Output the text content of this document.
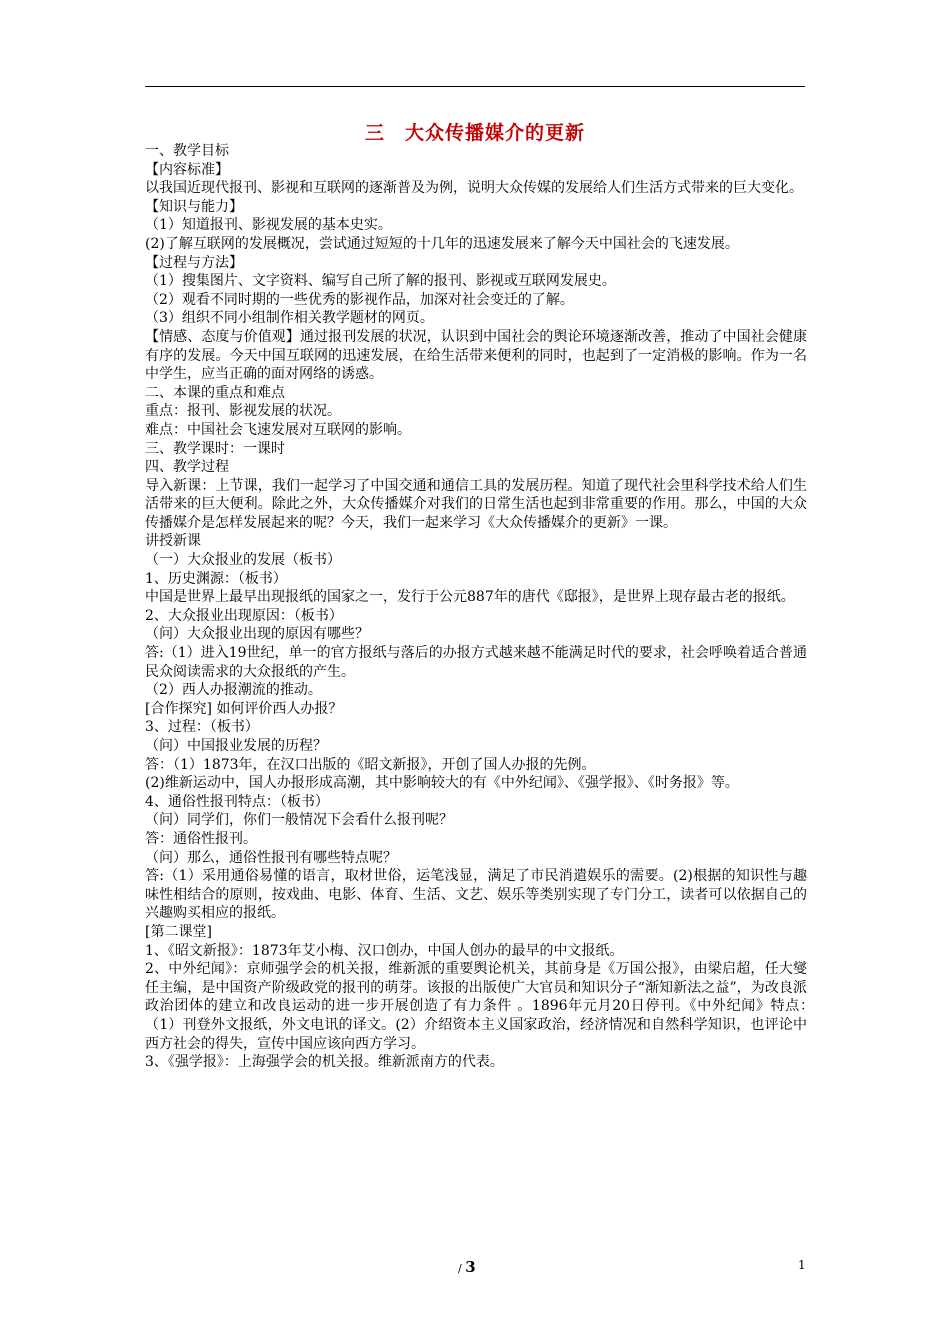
三　大众传播媒介的更新

一、教学目标

【内容标准】

以我国近现代报刊、影视和互联网的逐渐普及为例，说明大众传媒的发展给人们生活方式带来的巨大变化。

【知识与能力】

（1）知道报刊、影视发展的基本史实。

(2)了解互联网的发展概况，尝试通过短短的十几年的迅速发展来了解今天中国社会的飞速发展。

【过程与方法】

（1）搜集图片、文字资料、编写自己所了解的报刊、影视或互联网发展史。

（2）观看不同时期的一些优秀的影视作品，加深对社会变迁的了解。

（3）组织不同小组制作相关教学题材的网页。

【情感、态度与价值观】通过报刊发展的状况，认识到中国社会的舆论环境逐渐改善，推动了中国社会健康有序的发展。今天中国互联网的迅速发展，在给生活带来便利的同时，也起到了一定消极的影响。作为一名中学生，应当正确的面对网络的诱惑。

二、本课的重点和难点

重点：报刊、影视发展的状况。

难点：中国社会飞速发展对互联网的影响。

三、教学课时：一课时

四、教学过程

导入新课：上节课，我们一起学习了中国交通和通信工具的发展历程。知道了现代社会里科学技术给人们生活带来的巨大便利。除此之外，大众传播媒介对我们的日常生活也起到非常重要的作用。那么，中国的大众传播媒介是怎样发展起来的呢？今天，我们一起来学习《大众传播媒介的更新》一课。

讲授新课

（一）大众报业的发展（板书）

1、历史渊源：（板书）

中国是世界上最早出现报纸的国家之一，发行于公元887年的唐代《邸报》，是世界上现存最古老的报纸。

2、大众报业出现原因：（板书）

（问）大众报业出现的原因有哪些？

答:（1）进入19世纪，单一的官方报纸与落后的办报方式越来越不能满足时代的要求，社会呼唤着适合普通民众阅读需求的大众报纸的产生。

（2）西人办报潮流的推动。

[合作探究] 如何评价西人办报？

3、过程：（板书）

（问）中国报业发展的历程？

答：（1）1873年，在汉口出版的《昭文新报》，开创了国人办报的先例。

(2)维新运动中，国人办报形成高潮，其中影响较大的有《中外纪闻》、《强学报》、《时务报》等。

4、通俗性报刊特点：（板书）

（问）同学们，你们一般情况下会看什么报刊呢？

答：通俗性报刊。

（问）那么，通俗性报刊有哪些特点呢？

答:（1）采用通俗易懂的语言，取材世俗，运笔浅显，满足了市民消遣娱乐的需要。(2)根据的知识性与趣味性相结合的原则，按戏曲、电影、体育、生活、文艺、娱乐等类别实现了专门分工，读者可以依据自己的兴趣购买相应的报纸。

[第二课堂]

1、《昭文新报》：1873年艾小梅、汉口创办，中国人创办的最早的中文报纸。

2、中外纪闻》：京师强学会的机关报，维新派的重要舆论机关，其前身是《万国公报》，由梁启超，任大燮任主编，是中国资产阶级政党的报刊的萌芽。该报的出版使广大官员和知识分子“渐知新法之益”，为改良派政治团体的建立和改良运动的进一步开展创造了有力条件 。1896年元月20日停刊。《中外纪闻》特点：　（1）刊登外文报纸，外文电讯的译文。(2）介绍资本主义国家政治，经济情况和自然科学知识，也评论中西方社会的得失，宣传中国应该向西方学习。

3、《强学报》：上海强学会的机关报。维新派南方的代表。

/ 3	1
